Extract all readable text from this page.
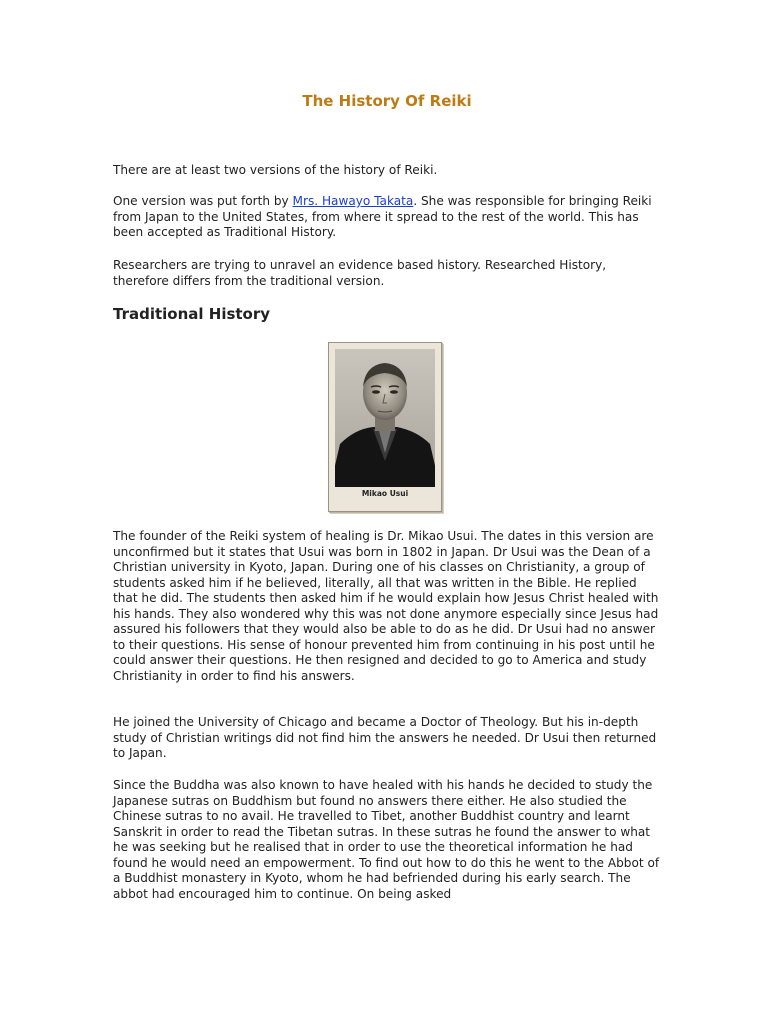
The History Of Reiki

There are at least two versions of the history of Reiki.

One version was put forth by Mrs. Hawayo Takata. She was responsible for bringing Reiki from Japan to the United States, from where it spread to the rest of the world. This has been accepted as Traditional History.

Researchers are trying to unravel an evidence based history. Researched History, therefore differs from the traditional version.

Traditional History
Mikao Usui

The founder of the Reiki system of healing is Dr. Mikao Usui. The dates in this version are unconfirmed but it states that Usui was born in 1802 in Japan. Dr Usui was the Dean of a Christian university in Kyoto, Japan. During one of his classes on Christianity, a group of students asked him if he believed, literally, all that was written in the Bible. He replied that he did. The students then asked him if he would explain how Jesus Christ healed with his hands. They also wondered why this was not done anymore especially since Jesus had assured his followers that they would also be able to do as he did. Dr Usui had no answer to their questions. His sense of honour prevented him from continuing in his post until he could answer their questions. He then resigned and decided to go to America and study Christianity in order to find his answers.

He joined the University of Chicago and became a Doctor of Theology. But his in-depth study of Christian writings did not find him the answers he needed. Dr Usui then returned to Japan.

Since the Buddha was also known to have healed with his hands he decided to study the Japanese sutras on Buddhism but found no answers there either. He also studied the Chinese sutras to no avail. He travelled to Tibet, another Buddhist country and learnt Sanskrit in order to read the Tibetan sutras. In these sutras he found the answer to what he was seeking but he realised that in order to use the theoretical information he had found he would need an empowerment. To find out how to do this he went to the Abbot of a Buddhist monastery in Kyoto, whom he had befriended during his early search. The abbot had encouraged him to continue. On being asked
